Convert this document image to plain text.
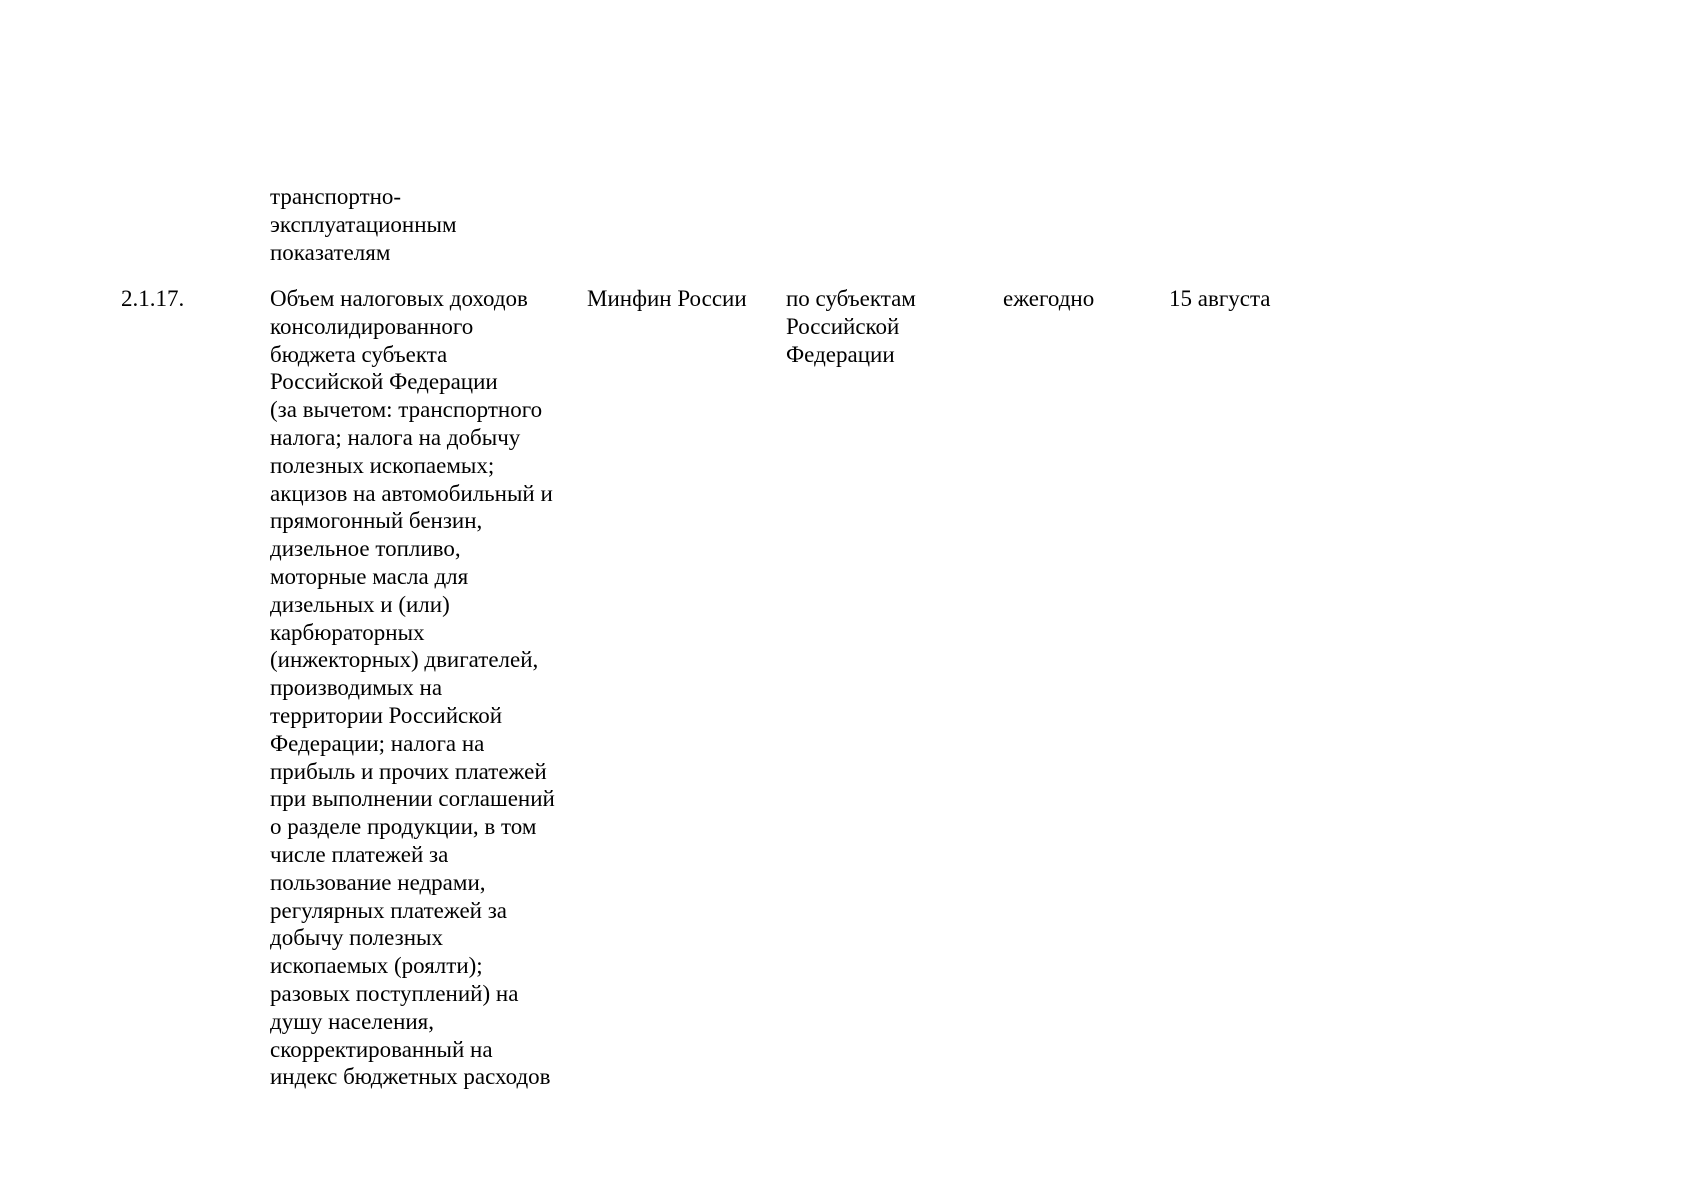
транспортно-
эксплуатационным
показателям
2.1.17.	Объем налоговых доходов
консолидированного
бюджета субъекта
Российской Федерации
(за вычетом: транспортного
налога; налога на добычу
полезных ископаемых;
акцизов на автомобильный и
прямогонный бензин,
дизельное топливо,
моторные масла для
дизельных и (или)
карбюраторных
(инжекторных) двигателей,
производимых на
территории Российской
Федерации; налога на
прибыль и прочих платежей
при выполнении соглашений
о разделе продукции, в том
числе платежей за
пользование недрами,
регулярных платежей за
добычу полезных
ископаемых (роялти);
разовых поступлений) на
душу населения,
скорректированный на
индекс бюджетных расходов
Минфин России по субъектам
Российской
Федерации
ежегодно	15 августа
